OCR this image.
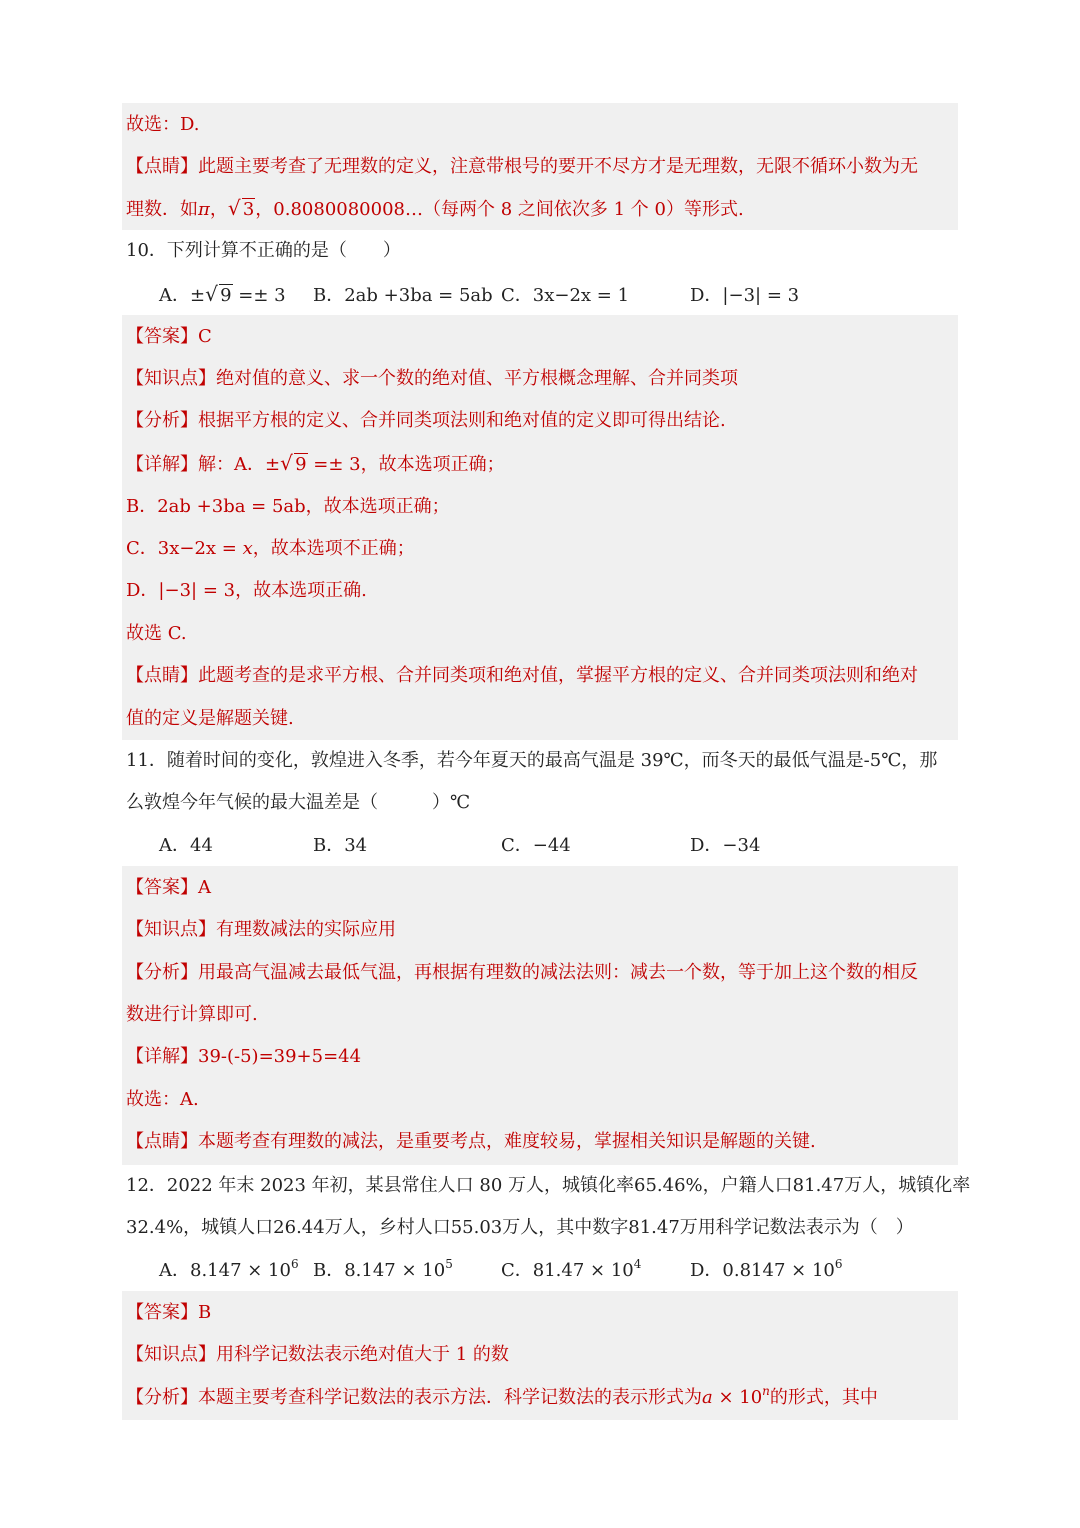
故选：D.
【点睛】此题主要考查了无理数的定义，注意带根号的要开不尽方才是无理数，无限不循环小数为无
理数．如π， √ 3，0.8080080008…（每两个 8 之间依次多 1 个 0）等形式.
10．下列计算不正确的是（　　）
A．± √ 9 =± 3 B．2ab +3ba = 5ab C．3x−2x = 1	D．|−3| = 3
【答案】C
【知识点】绝对值的意义、求一个数的绝对值、平方根概念理解、合并同类项
【分析】根据平方根的定义、合并同类项法则和绝对值的定义即可得出结论.
【详解】解：A．± √ 9 =± 3，故本选项正确；
B．2ab +3ba = 5ab，故本选项正确；
C．3x−2x = x，故本选项不正确；
D．|−3| = 3，故本选项正确.
故选 C.
【点睛】此题考查的是求平方根、合并同类项和绝对值，掌握平方根的定义、合并同类项法则和绝对
值的定义是解题关键.
11．随着时间的变化，敦煌进入冬季，若今年夏天的最高气温是 39℃，而冬天的最低气温是-5℃，那
么敦煌今年气候的最大温差是（　　　）℃
A．44	B．34	C．−44	D．−34
【答案】A
【知识点】有理数减法的实际应用
【分析】用最高气温减去最低气温，再根据有理数的减法法则：减去一个数，等于加上这个数的相反
数进行计算即可.
【详解】39-(-5)=39+5=44
故选：A.
【点睛】本题考查有理数的减法，是重要考点，难度较易，掌握相关知识是解题的关键.
12．2022 年末 2023 年初，某县常住人口 80 万人，城镇化率65.46%，户籍人口81.47万人，城镇化率
32.4%，城镇人口26.44万人，乡村人口55.03万人，其中数字81.47万用科学记数法表示为（　）
A．$8.147 \times 10^6$ B．$8.147 \times 10^5$	C．$81.47 \times 10^4$	D．$0.8147 \times 10^6$
【答案】B
【知识点】用科学记数法表示绝对值大于 1 的数
【分析】本题主要考查科学记数法的表示方法．科学记数法的表示形式为$a \times 10^n$的形式，其中
